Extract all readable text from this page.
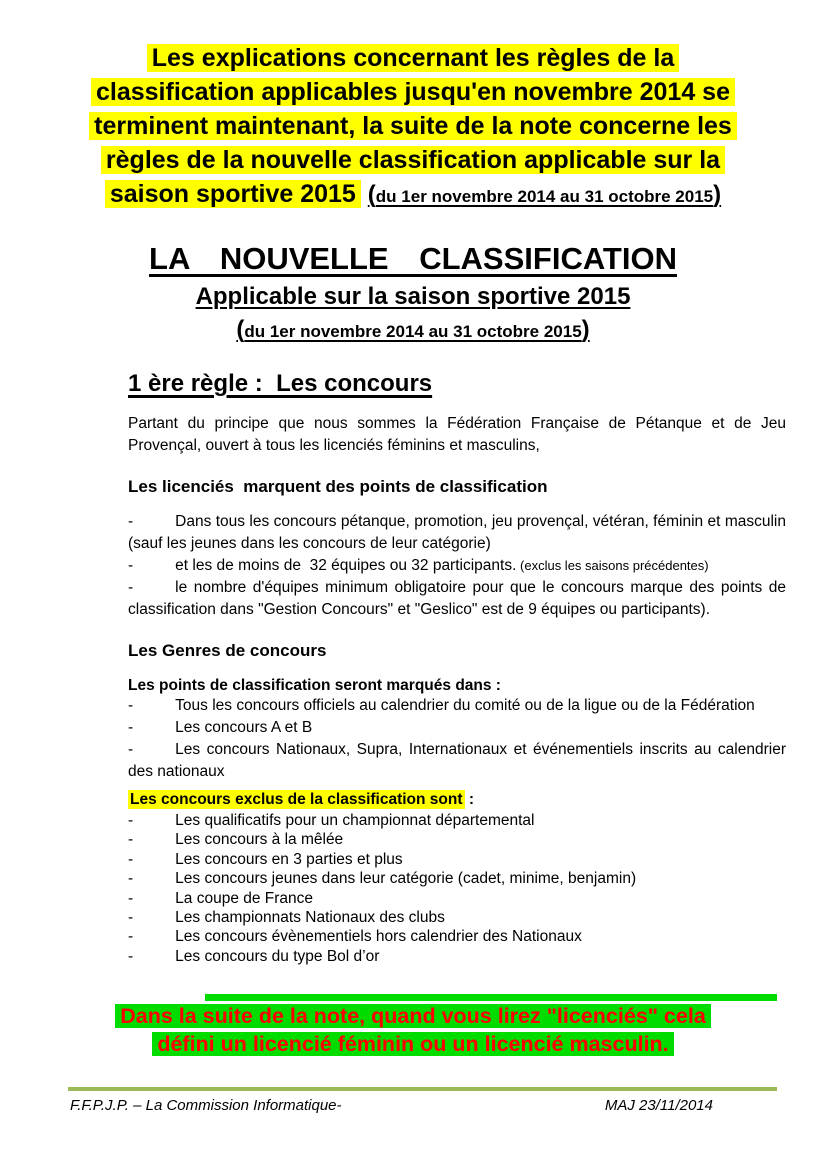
Les explications concernant les règles de la
classification applicables jusqu'en novembre 2014 se
terminent maintenant, la suite de la note concerne les
règles de la nouvelle classification applicable sur la
saison sportive 2015 (du 1er novembre 2014 au 31 octobre 2015)
LA NOUVELLE CLASSIFICATION
Applicable sur la saison sportive 2015
(du 1er novembre 2014 au 31 octobre 2015)
1 ère règle :  Les concours

Partant du principe que nous sommes la Fédération Française de Pétanque et de Jeu Provençal, ouvert à tous les licenciés féminins et masculins,

Les licenciés  marquent des points de classification

-	Dans tous les concours pétanque, promotion, jeu provençal, vétéran, féminin et masculin (sauf les jeunes dans les concours de leur catégorie)

-	et les de moins de  32 équipes ou 32 participants. (exclus les saisons précédentes)

-	le nombre d'équipes minimum obligatoire pour que le concours marque des points de classification dans "Gestion Concours" et "Geslico" est de 9 équipes ou participants).

Les Genres de concours
Les points de classification seront marqués dans :

-	Tous les concours officiels au calendrier du comité ou de la ligue ou de la Fédération

-	Les concours A et B

-	Les concours Nationaux, Supra, Internationaux et événementiels inscrits au calendrier des nationaux

Les concours exclus de la classification sont :

-	Les qualificatifs pour un championnat départemental

-	Les concours à la mêlée

-	Les concours en 3 parties et plus

-	Les concours jeunes dans leur catégorie (cadet, minime, benjamin)

-	La coupe de France

-	Les championnats Nationaux des clubs

-	Les concours évènementiels hors calendrier des Nationaux

-	Les concours du type Bol d’or

Dans la suite de la note, quand vous lirez "licenciés" cela
défini un licencié féminin ou un licencié masculin.
F.F.P.J.P. – La Commission Informatique-	MAJ 23/11/2014
